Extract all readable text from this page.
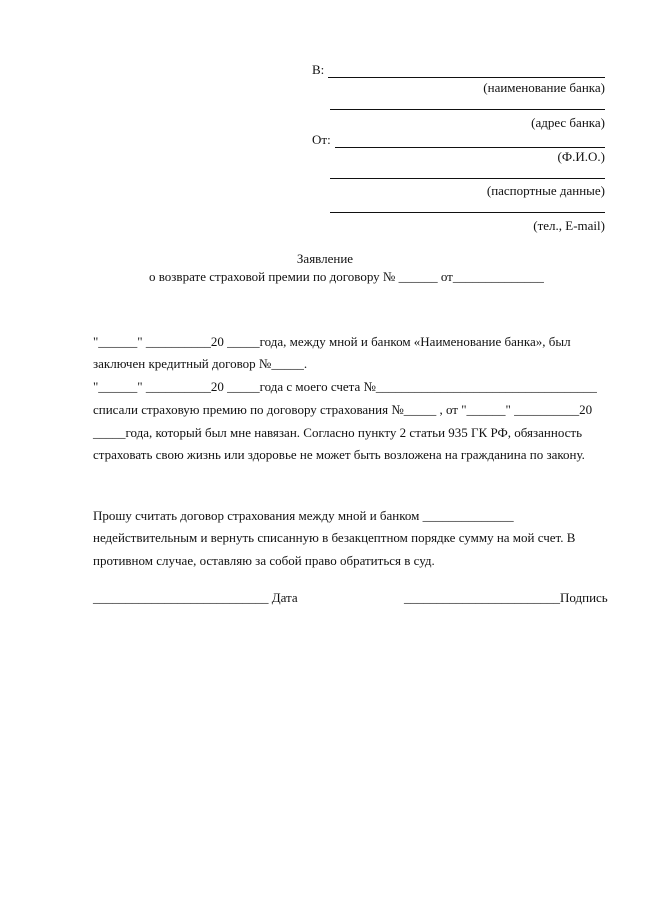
В:
(наименование банка)
(адрес банка)
От:
(Ф.И.О.)
(паспортные данные)
(тел., E-mail)
Заявление
о возврате страховой премии по договору № ______ от______________
"______" __________20 _____года, между мной и банком «Наименование банка», был
заключен кредитный договор №_____.
"______" __________20 _____года с моего счета №__________________________________
списали страховую премию по договору страхования №_____ , от "______" __________20
_____года, который был мне навязан. Согласно пункту 2 статьи 935 ГК РФ, обязанность
страховать свою жизнь или здоровье не может быть возложена на гражданина по закону.
Прошу считать договор страхования между мной и банком ______________
недействительным и вернуть списанную в безакцептном порядке сумму на мой счет. В
противном случае, оставляю за собой право обратиться в суд.
___________________________ Дата	________________________Подпись
